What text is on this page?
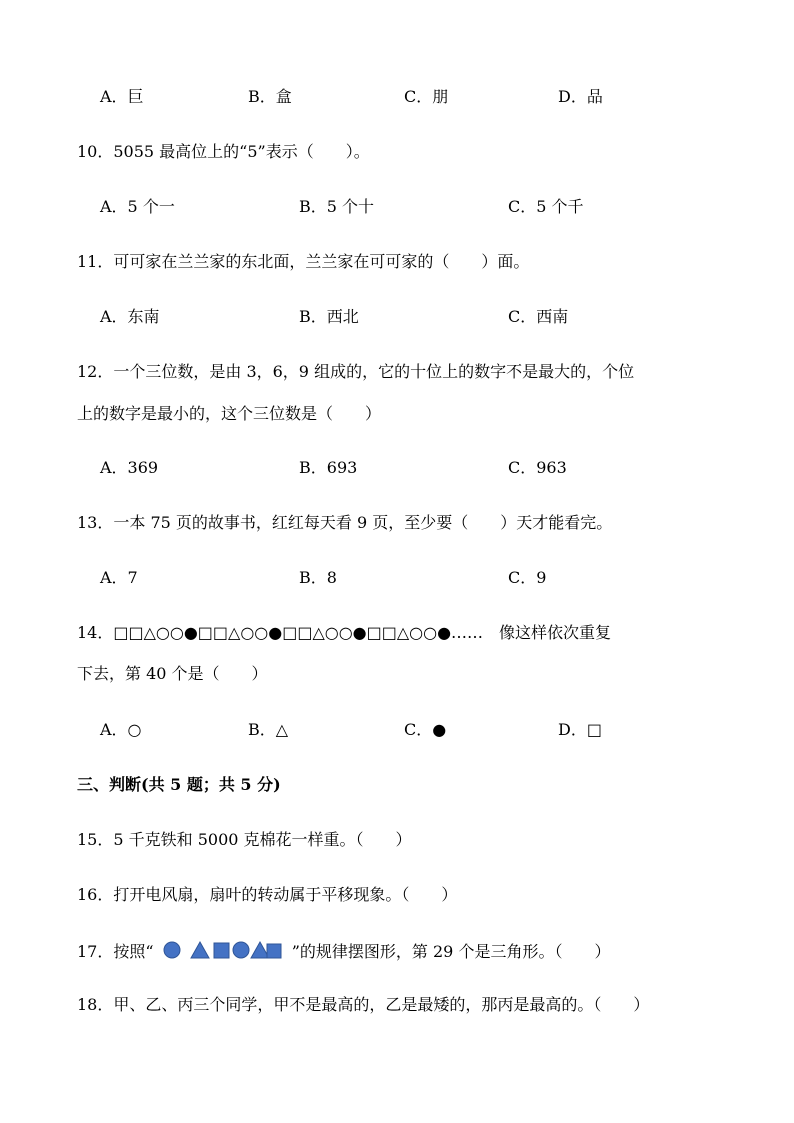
A．巨	B．盒	C．朋	D．品
10．5055 最高位上的“5”表示（　　）。
A．5 个一	B．5 个十	C．5 个千
11．可可家在兰兰家的东北面，兰兰家在可可家的（　　）面。
A．东南	B．西北	C．西南
12．一个三位数，是由 3，6，9 组成的，它的十位上的数字不是最大的，个位
上的数字是最小的，这个三位数是（　　）
A．369	B．693	C．963
13．一本 75 页的故事书，红红每天看 9 页，至少要（　　）天才能看完。
A．7	B．8	C．9
14．□□△○○●□□△○○●□□△○○●□□△○○●……　像这样依次重复
下去，第 40 个是（　　）
A．○	B．△	C．●	D．□
三、判断(共 5 题；共 5 分)
15．5 千克铁和 5000 克棉花一样重。（　　）
16．打开电风扇，扇叶的转动属于平移现象。（　　）
17．按照“	”的规律摆图形，第 29 个是三角形。（　　）
18．甲、乙、丙三个同学，甲不是最高的，乙是最矮的，那丙是最高的。（　　）
